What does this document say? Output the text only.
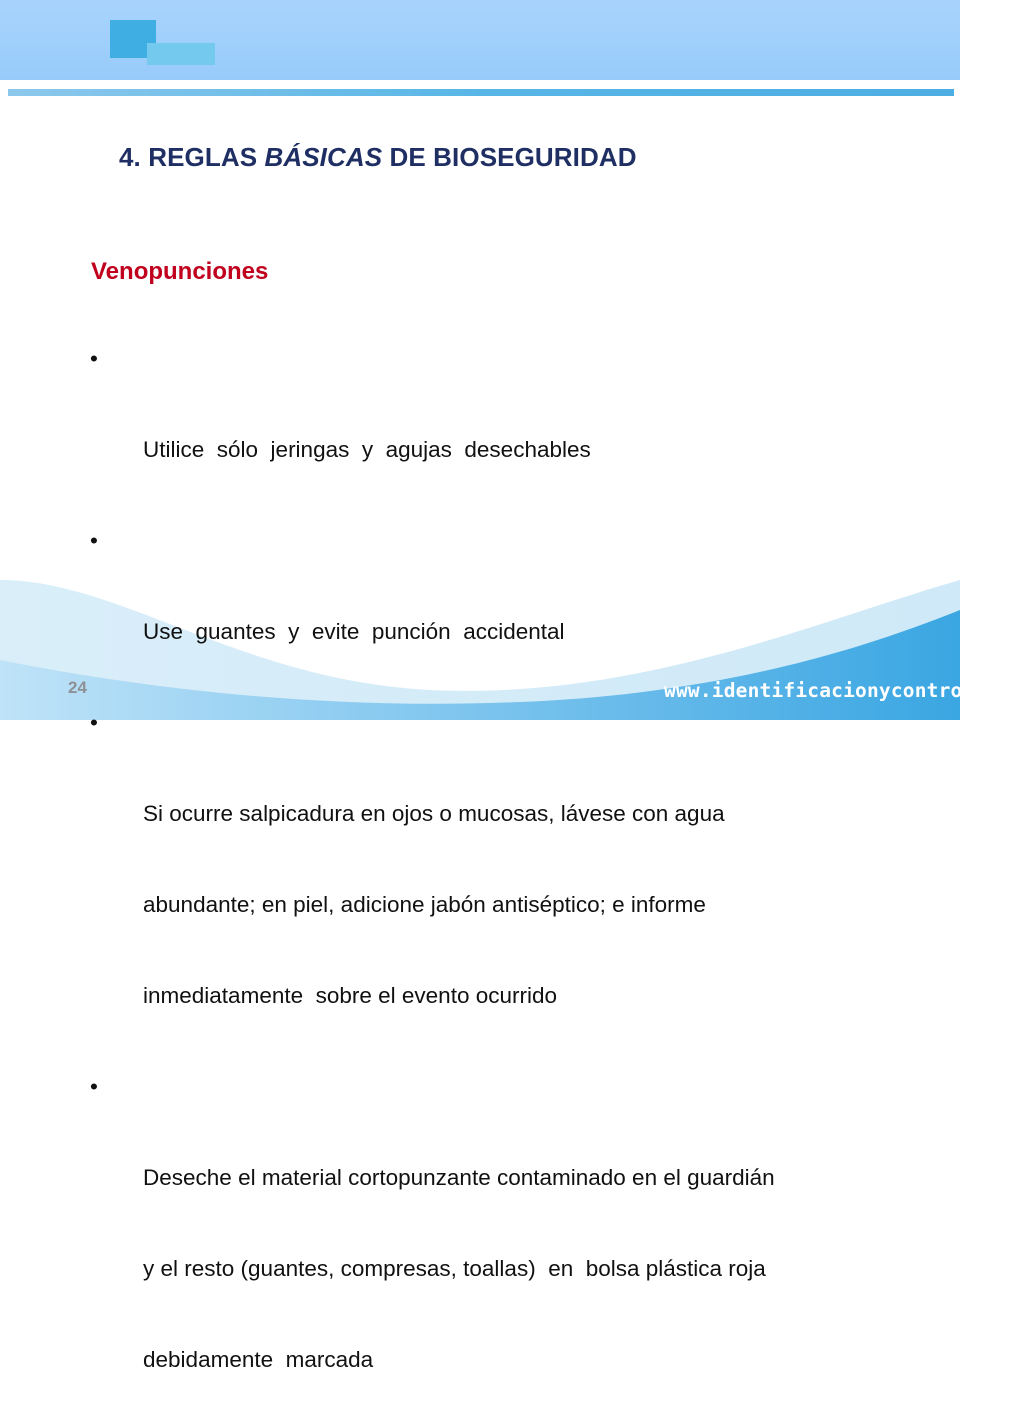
4. REGLAS BÁSICAS DE BIOSEGURIDAD
Venopunciones

•

Utilice  sólo  jeringas  y  agujas  desechables

•

Use  guantes  y  evite  punción  accidental

•

Si ocurre salpicadura en ojos o mucosas, lávese con agua

abundante; en piel, adicione jabón antiséptico; e informe

inmediatamente  sobre el evento ocurrido

•

Deseche el material cortopunzante contaminado en el guardián

y el resto (guantes, compresas, toallas)  en  bolsa plástica roja

debidamente  marcada

24	www.identificacionycontrol.tk
